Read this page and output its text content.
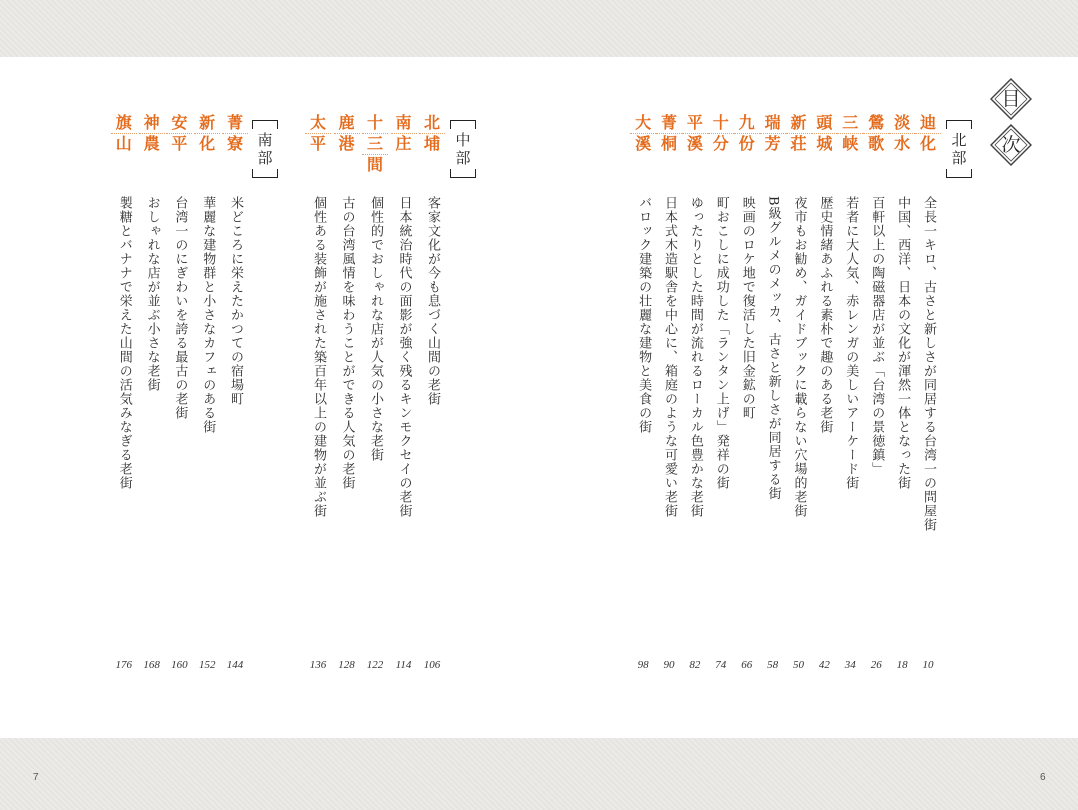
7	6
目
次
北部
中部
南部
迪
化
全長一キロ、古さと新しさが同居する台湾一の問屋街
10
淡
水
中国、西洋、日本の文化が渾然一体となった街
18
鶯
歌
百軒以上の陶磁器店が並ぶ「台湾の景徳鎮」
26
三
峡
若者に大人気、赤レンガの美しいアーケード街
34
頭
城
歴史情緒あふれる素朴で趣のある老街
42
新
荘
夜市もお勧め、ガイドブックに載らない穴場的老街
50
瑞
芳
B級グルメのメッカ、古さと新しさが同居する街
58
九
份
映画のロケ地で復活した旧金鉱の町
66
十
分
町おこしに成功した「ランタン上げ」発祥の街
74
平
溪
ゆったりとした時間が流れるローカル色豊かな老街
82
菁
桐
日本式木造駅舎を中心に、箱庭のような可愛い老街
90
大
溪
バロック建築の壮麗な建物と美食の街
98
北
埔
客家文化が今も息づく山間の老街
106
南
庄
日本統治時代の面影が強く残るキンモクセイの老街
114
十
三
間
個性的でおしゃれな店が人気の小さな老街
122
鹿
港
古の台湾風情を味わうことができる人気の老街
128
太
平
個性ある装飾が施された築百年以上の建物が並ぶ街
136
菁
寮
米どころに栄えたかつての宿場町
144
新
化
華麗な建物群と小さなカフェのある街
152
安
平
台湾一のにぎわいを誇る最古の老街
160
神
農
おしゃれな店が並ぶ小さな老街
168
旗
山
製糖とバナナで栄えた山間の活気みなぎる老街
176
